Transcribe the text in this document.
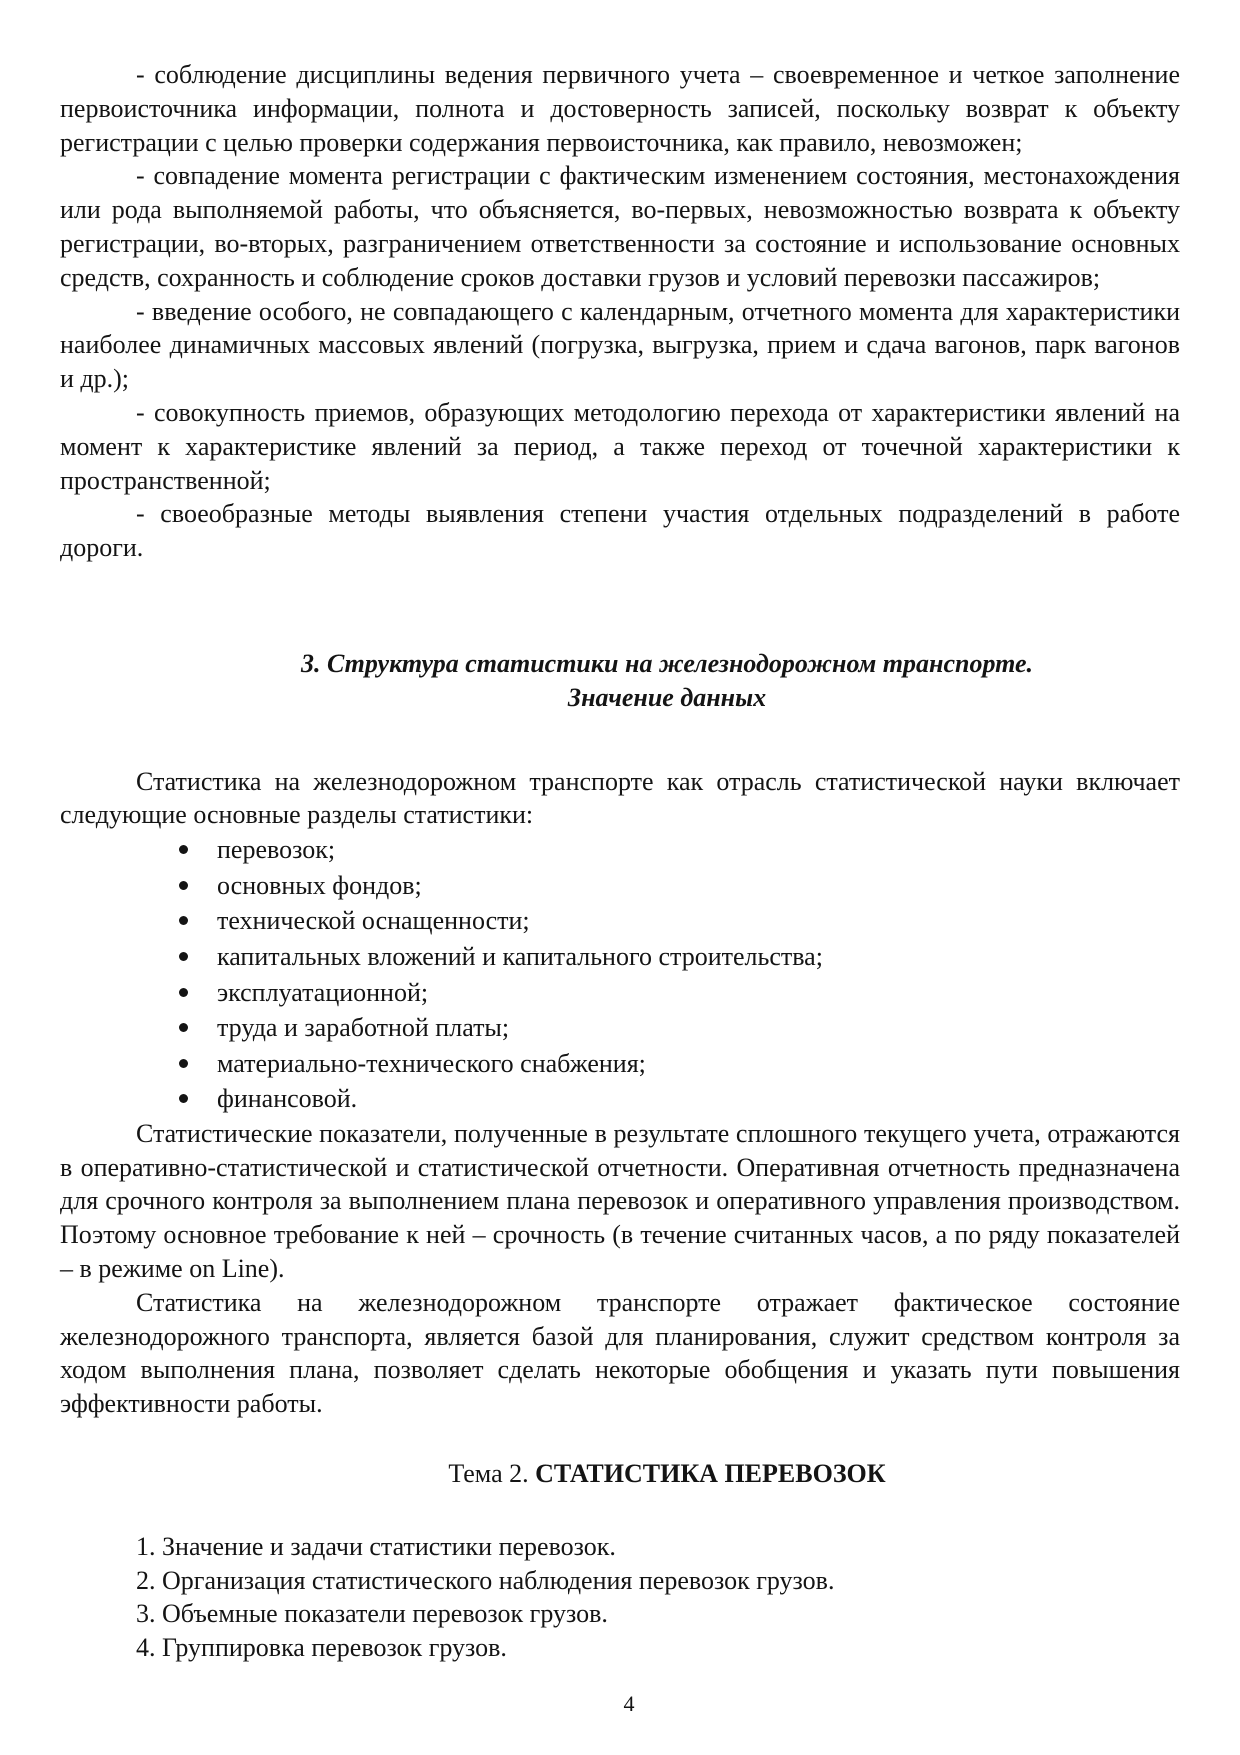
- соблюдение дисциплины ведения первичного учета – своевременное и четкое заполнение первоисточника информации, полнота и достоверность записей, поскольку возврат к объекту регистрации с целью проверки содержания первоисточника, как правило, невозможен;

- совпадение момента регистрации с фактическим изменением состояния, местонахождения или рода выполняемой работы, что объясняется, во-первых, невозможностью возврата к объекту регистрации, во-вторых, разграничением ответственности за состояние и использование основных средств, сохранность и соблюдение сроков доставки грузов и условий перевозки пассажиров;

- введение особого, не совпадающего с календарным, отчетного момента для характеристики наиболее динамичных массовых явлений (погрузка, выгрузка, прием и сдача вагонов, парк вагонов и др.);

- совокупность приемов, образующих методологию перехода от характеристики явлений на момент к характеристике явлений за период, а также переход от точечной характеристики к пространственной;

- своеобразные методы выявления степени участия отдельных подразделений в работе дороги.

3. Структура статистики на железнодорожном транспорте.
Значение данных

Статистика на железнодорожном транспорте как отрасль статистической науки включает следующие основные разделы статистики:

перевозок;
основных фондов;
технической оснащенности;
капитальных вложений и капитального строительства;
эксплуатационной;
труда и заработной платы;
материально-технического снабжения;
финансовой.

Статистические показатели, полученные в результате сплошного текущего учета, отражаются в оперативно-статистической и статистической отчетности. Оперативная отчетность предназначена для срочного контроля за выполнением плана перевозок и оперативного управления производством. Поэтому основное требование к ней – срочность (в течение считанных часов, а по ряду показателей – в режиме on Line).

Статистика на железнодорожном транспорте отражает фактическое состояние железнодорожного транспорта, является базой для планирования, служит средством контроля за ходом выполнения плана, позволяет сделать некоторые обобщения и указать пути повышения эффективности работы.

Тема 2. СТАТИСТИКА ПЕРЕВОЗОК
1. Значение и задачи статистики перевозок.
2. Организация статистического наблюдения перевозок грузов.
3. Объемные показатели перевозок грузов.
4. Группировка перевозок грузов.
4
